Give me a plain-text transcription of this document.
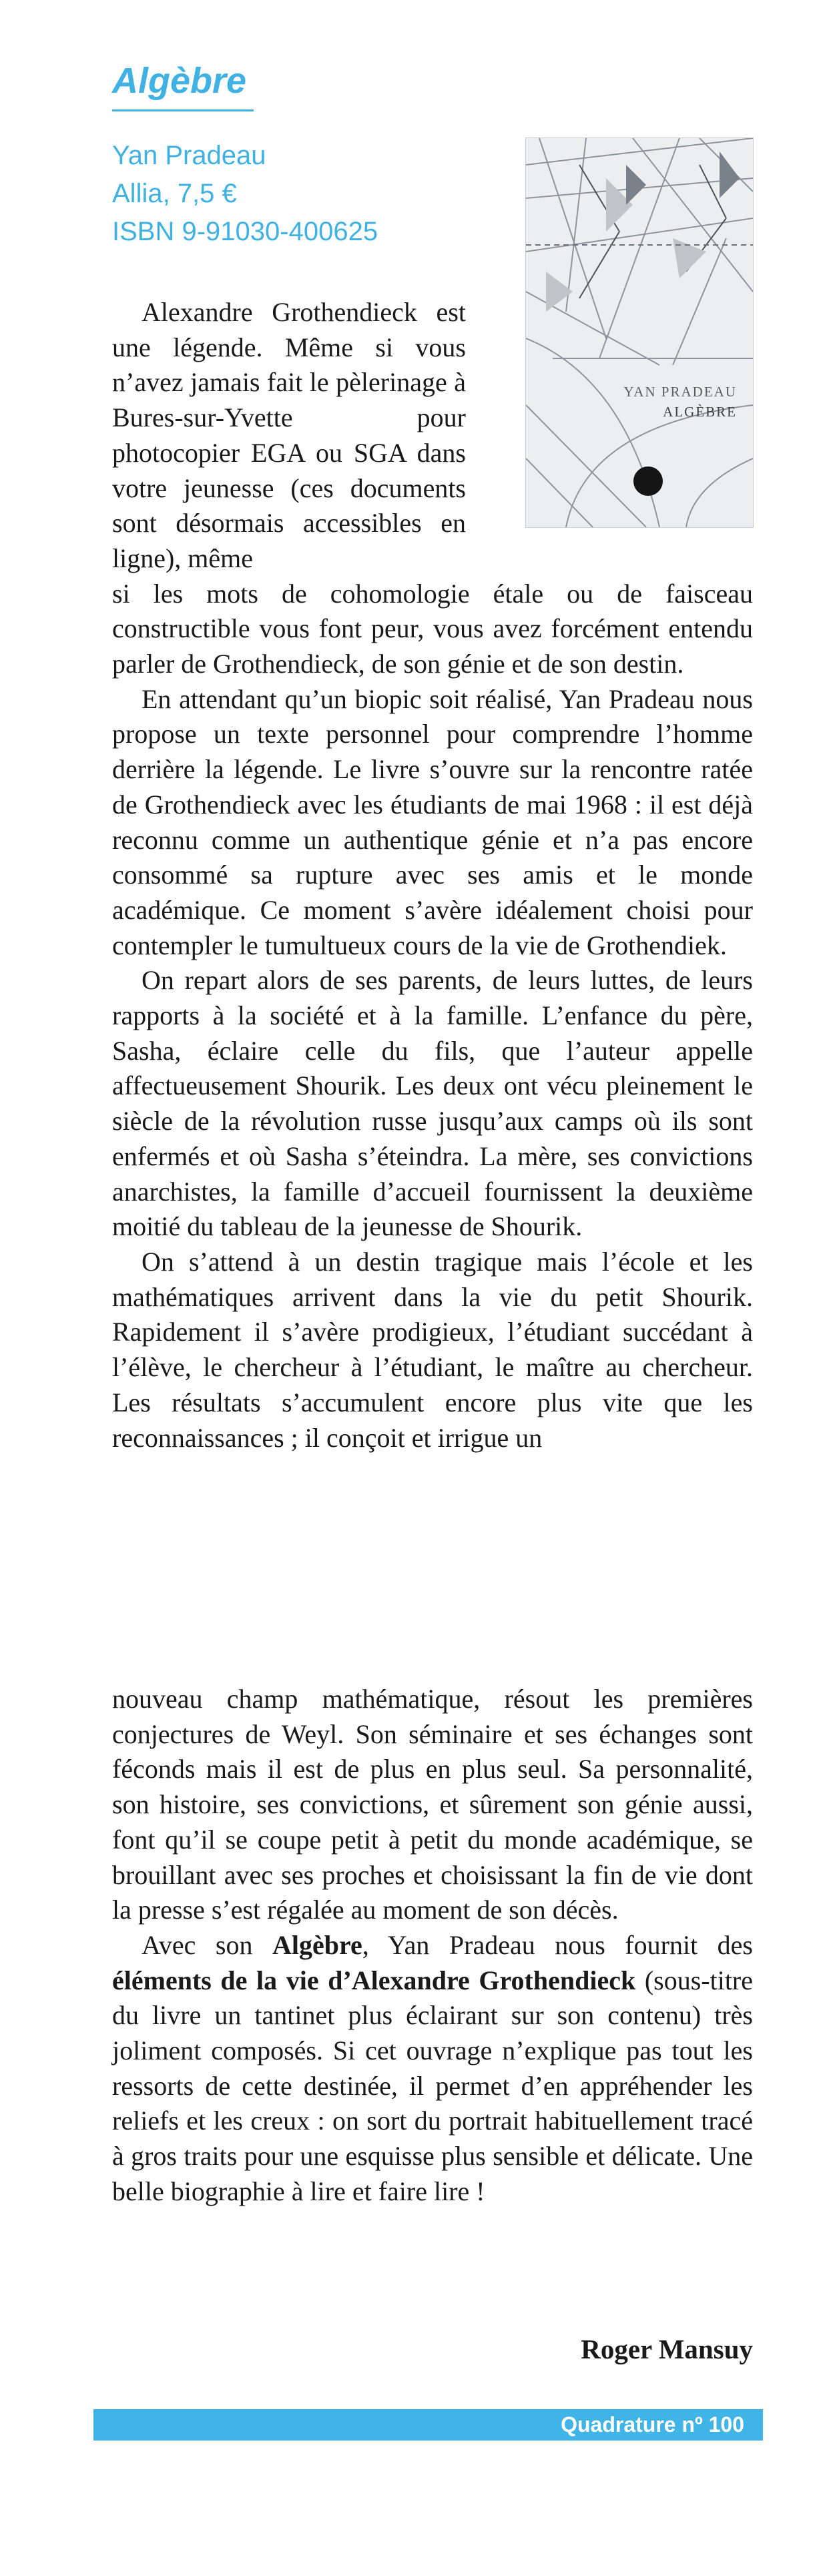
Algèbre
Yan Pradeau
Allia, 7,5 €
ISBN 9-91030-400625
YAN PRADEAU
ALGÈBRE

Alexandre Grothendieck est une légende. Même si vous n’avez jamais fait le pèlerinage à Bures-sur-Yvette pour photocopier EGA ou SGA dans votre jeunesse (ces documents sont désormais accessibles en ligne), même
si les mots de cohomologie étale ou de faisceau constructible vous font peur, vous avez forcément entendu parler de Grothendieck, de son génie et de son destin.

En attendant qu’un biopic soit réalisé, Yan Pradeau nous propose un texte personnel pour comprendre l’homme derrière la légende. Le livre s’ouvre sur la rencontre ratée de Grothendieck avec les étudiants de mai 1968 : il est déjà reconnu comme un authentique génie et n’a pas encore consommé sa rupture avec ses amis et le monde académique. Ce moment s’avère idéalement choisi pour contempler le tumultueux cours de la vie de Grothendiek.

On repart alors de ses parents, de leurs luttes, de leurs rapports à la société et à la famille. L’enfance du père, Sasha, éclaire celle du fils, que l’auteur appelle affectueusement Shourik. Les deux ont vécu pleinement le siècle de la révolution russe jusqu’aux camps où ils sont enfermés et où Sasha s’éteindra. La mère, ses convictions anarchistes, la famille d’accueil fournissent la deuxième moitié du tableau de la jeunesse de Shourik.

On s’attend à un destin tragique mais l’école et les mathématiques arrivent dans la vie du petit Shourik. Rapidement il s’avère prodigieux, l’étudiant succédant à l’élève, le chercheur à l’étudiant, le maître au chercheur. Les résultats s’accumulent encore plus vite que les reconnaissances ; il conçoit et irrigue un

nouveau champ mathématique, résout les premières conjectures de Weyl. Son séminaire et ses échanges sont féconds mais il est de plus en plus seul. Sa personnalité, son histoire, ses convictions, et sûrement son génie aussi, font qu’il se coupe petit à petit du monde académique, se brouillant avec ses proches et choisissant la fin de vie dont la presse s’est régalée au moment de son décès.

Avec son Algèbre, Yan Pradeau nous fournit des éléments de la vie d’Alexandre Grothendieck (sous-titre du livre un tantinet plus éclairant sur son contenu) très joliment composés. Si cet ouvrage n’explique pas tout les ressorts de cette destinée, il permet d’en appréhender les reliefs et les creux : on sort du portrait habituellement tracé à gros traits pour une esquisse plus sensible et délicate. Une belle biographie à lire et faire lire !

Roger Mansuy
Quadrature nº 100
